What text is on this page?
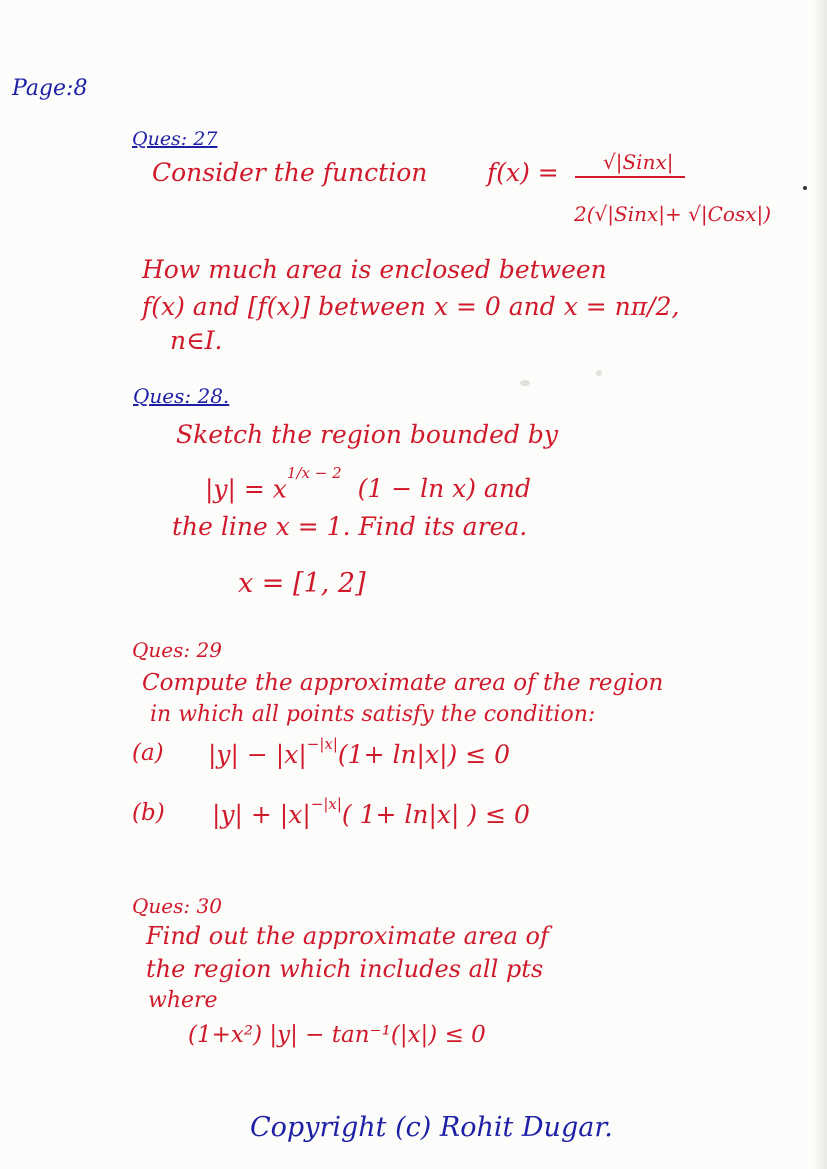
Page:8
Ques: 27
Consider the function f(x) =	√|Sinx|
2(√|Sinx|+ √|Cosx|)
How much area is enclosed between
f(x) and [f(x)] between x = 0 and x = nπ/2,
n∈I.
Ques: 28.
Sketch the region bounded by
$|y| = x^{1/x - 2}$ (1 − ln x) and
the line x = 1. Find its area.
x = [1, 2]
Ques: 29
Compute the approximate area of the region
in which all points satisfy the condition:
(a) $|y| - |x|^{-|x|}(1+ \ln|x|) \le 0$
(b) $|y| + |x|^{-|x|}$( 1+ ln|x| ) ≤ 0
Ques: 30
Find out the approximate area of
the region which includes all pts
where
(1+x²) |y| − tan⁻¹(|x|) ≤ 0
Copyright (c) Rohit Dugar.
